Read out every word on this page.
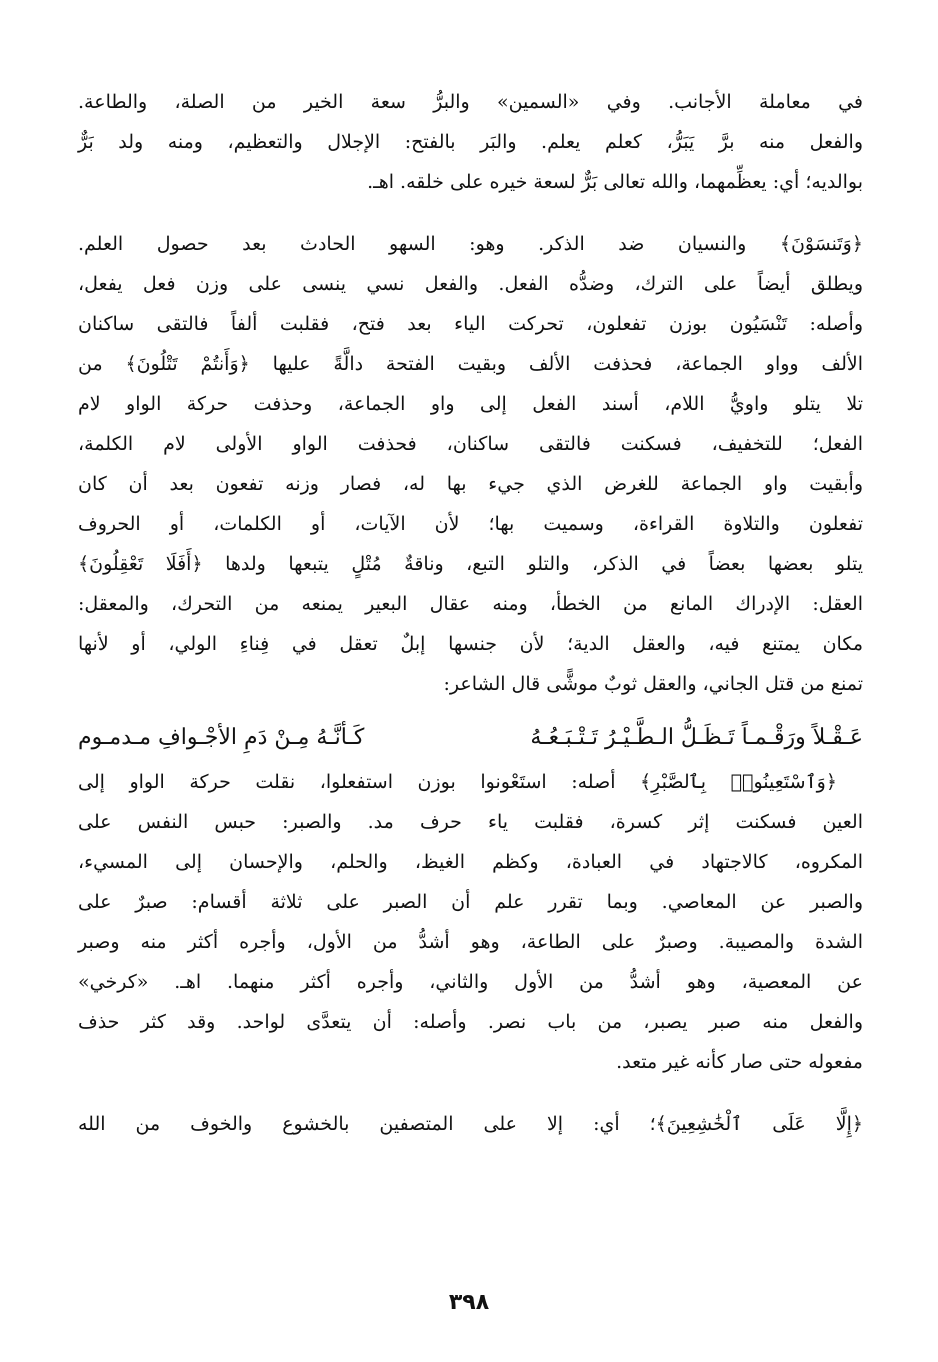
في معاملة الأجانب. وفي «السمين» والبرُّ سعة الخير من الصلة، والطاعة.

والفعل منه برَّ يَبَرُّ، كعلم يعلم. والبَر بالفتح: الإجلال والتعظيم، ومنه ولد بَرٌّ

بوالديه؛ أي: يعظِّمهما، والله تعالى بَرٌّ لسعة خيره على خلقه. اهـ.

﴿وَتَنسَوْنَ﴾ والنسيان ضد الذكر. وهو: السهو الحادث بعد حصول العلم.

ويطلق أيضاً على الترك، وضدُّه الفعل. والفعل نسي ينسى على وزن فعل يفعل،

وأصله: تَنْسَيُون بوزن تفعلون، تحركت الياء بعد فتح، فقلبت ألفاً فالتقى ساكنان

الألف وواو الجماعة، فحذفت الألف وبقيت الفتحة دالَّةً عليها ﴿وَأَنتُمْ تَتْلُونَ﴾ من

تلا يتلو واويُّ اللام، أسند الفعل إلى واو الجماعة، وحذفت حركة الواو لام

الفعل؛ للتخفيف، فسكنت فالتقى ساكنان، فحذفت الواو الأولى لام الكلمة،

وأبقيت واو الجماعة للغرض الذي جيء بها له، فصار وزنه تفعون بعد أن كان

تفعلون والتلاوة القراءة، وسميت بها؛ لأن الآيات، أو الكلمات، أو الحروف

يتلو بعضها بعضاً في الذكر، والتلو التبع، وناقةٌ مُتْلٍ يتبعها ولدها ﴿أَفَلَا تَعْقِلُونَ﴾

العقل: الإدراك المانع من الخطأ، ومنه عقال البعير يمنعه من التحرك، والمعقل:

مكان يمتنع فيه، والعقل الدية؛ لأن جنسها إبلٌ تعقل في فِناءِ الولي، أو لأنها

تمنع من قتل الجاني، والعقل ثوبٌ موشًّى قال الشاعر:

عَـقْـلاً ورَقْـمـاً تَـظَـلُّ الـطَّـيْـرُ تَـتْـبَـعُـهُ
كَـأنَّـهُ مِـنْ دَمِ الأجْـوافِ مـدمـوم

﴿وَٱسْتَعِينُوا۟ بِٱلصَّبْرِ﴾ أصله: استَعْونوا بوزن استفعلوا، نقلت حركة الواو إلى

العين فسكنت إثر كسرة، فقلبت ياء حرف مد. والصبر: حبس النفس على

المكروه، كالاجتهاد في العبادة، وكظم الغيظ، والحلم، والإحسان إلى المسيء،

والصبر عن المعاصي. وبما تقرر علم أن الصبر على ثلاثة أقسام: صبرٌ على

الشدة والمصيبة. وصبرٌ على الطاعة، وهو أشدُّ من الأول، وأجره أكثر منه وصبر

عن المعصية، وهو أشدُّ من الأول والثاني، وأجره أكثر منهما. اهـ. «كرخي»

والفعل منه صبر يصبر، من باب نصر. وأصله: أن يتعدَّى لواحد. وقد كثر حذف

مفعوله حتى صار كأنه غير متعد.

﴿إِلَّا عَلَى ٱلْخَٰشِعِينَ﴾؛ أي: إلا على المتصفين بالخشوع والخوف من الله

٣٩٨
